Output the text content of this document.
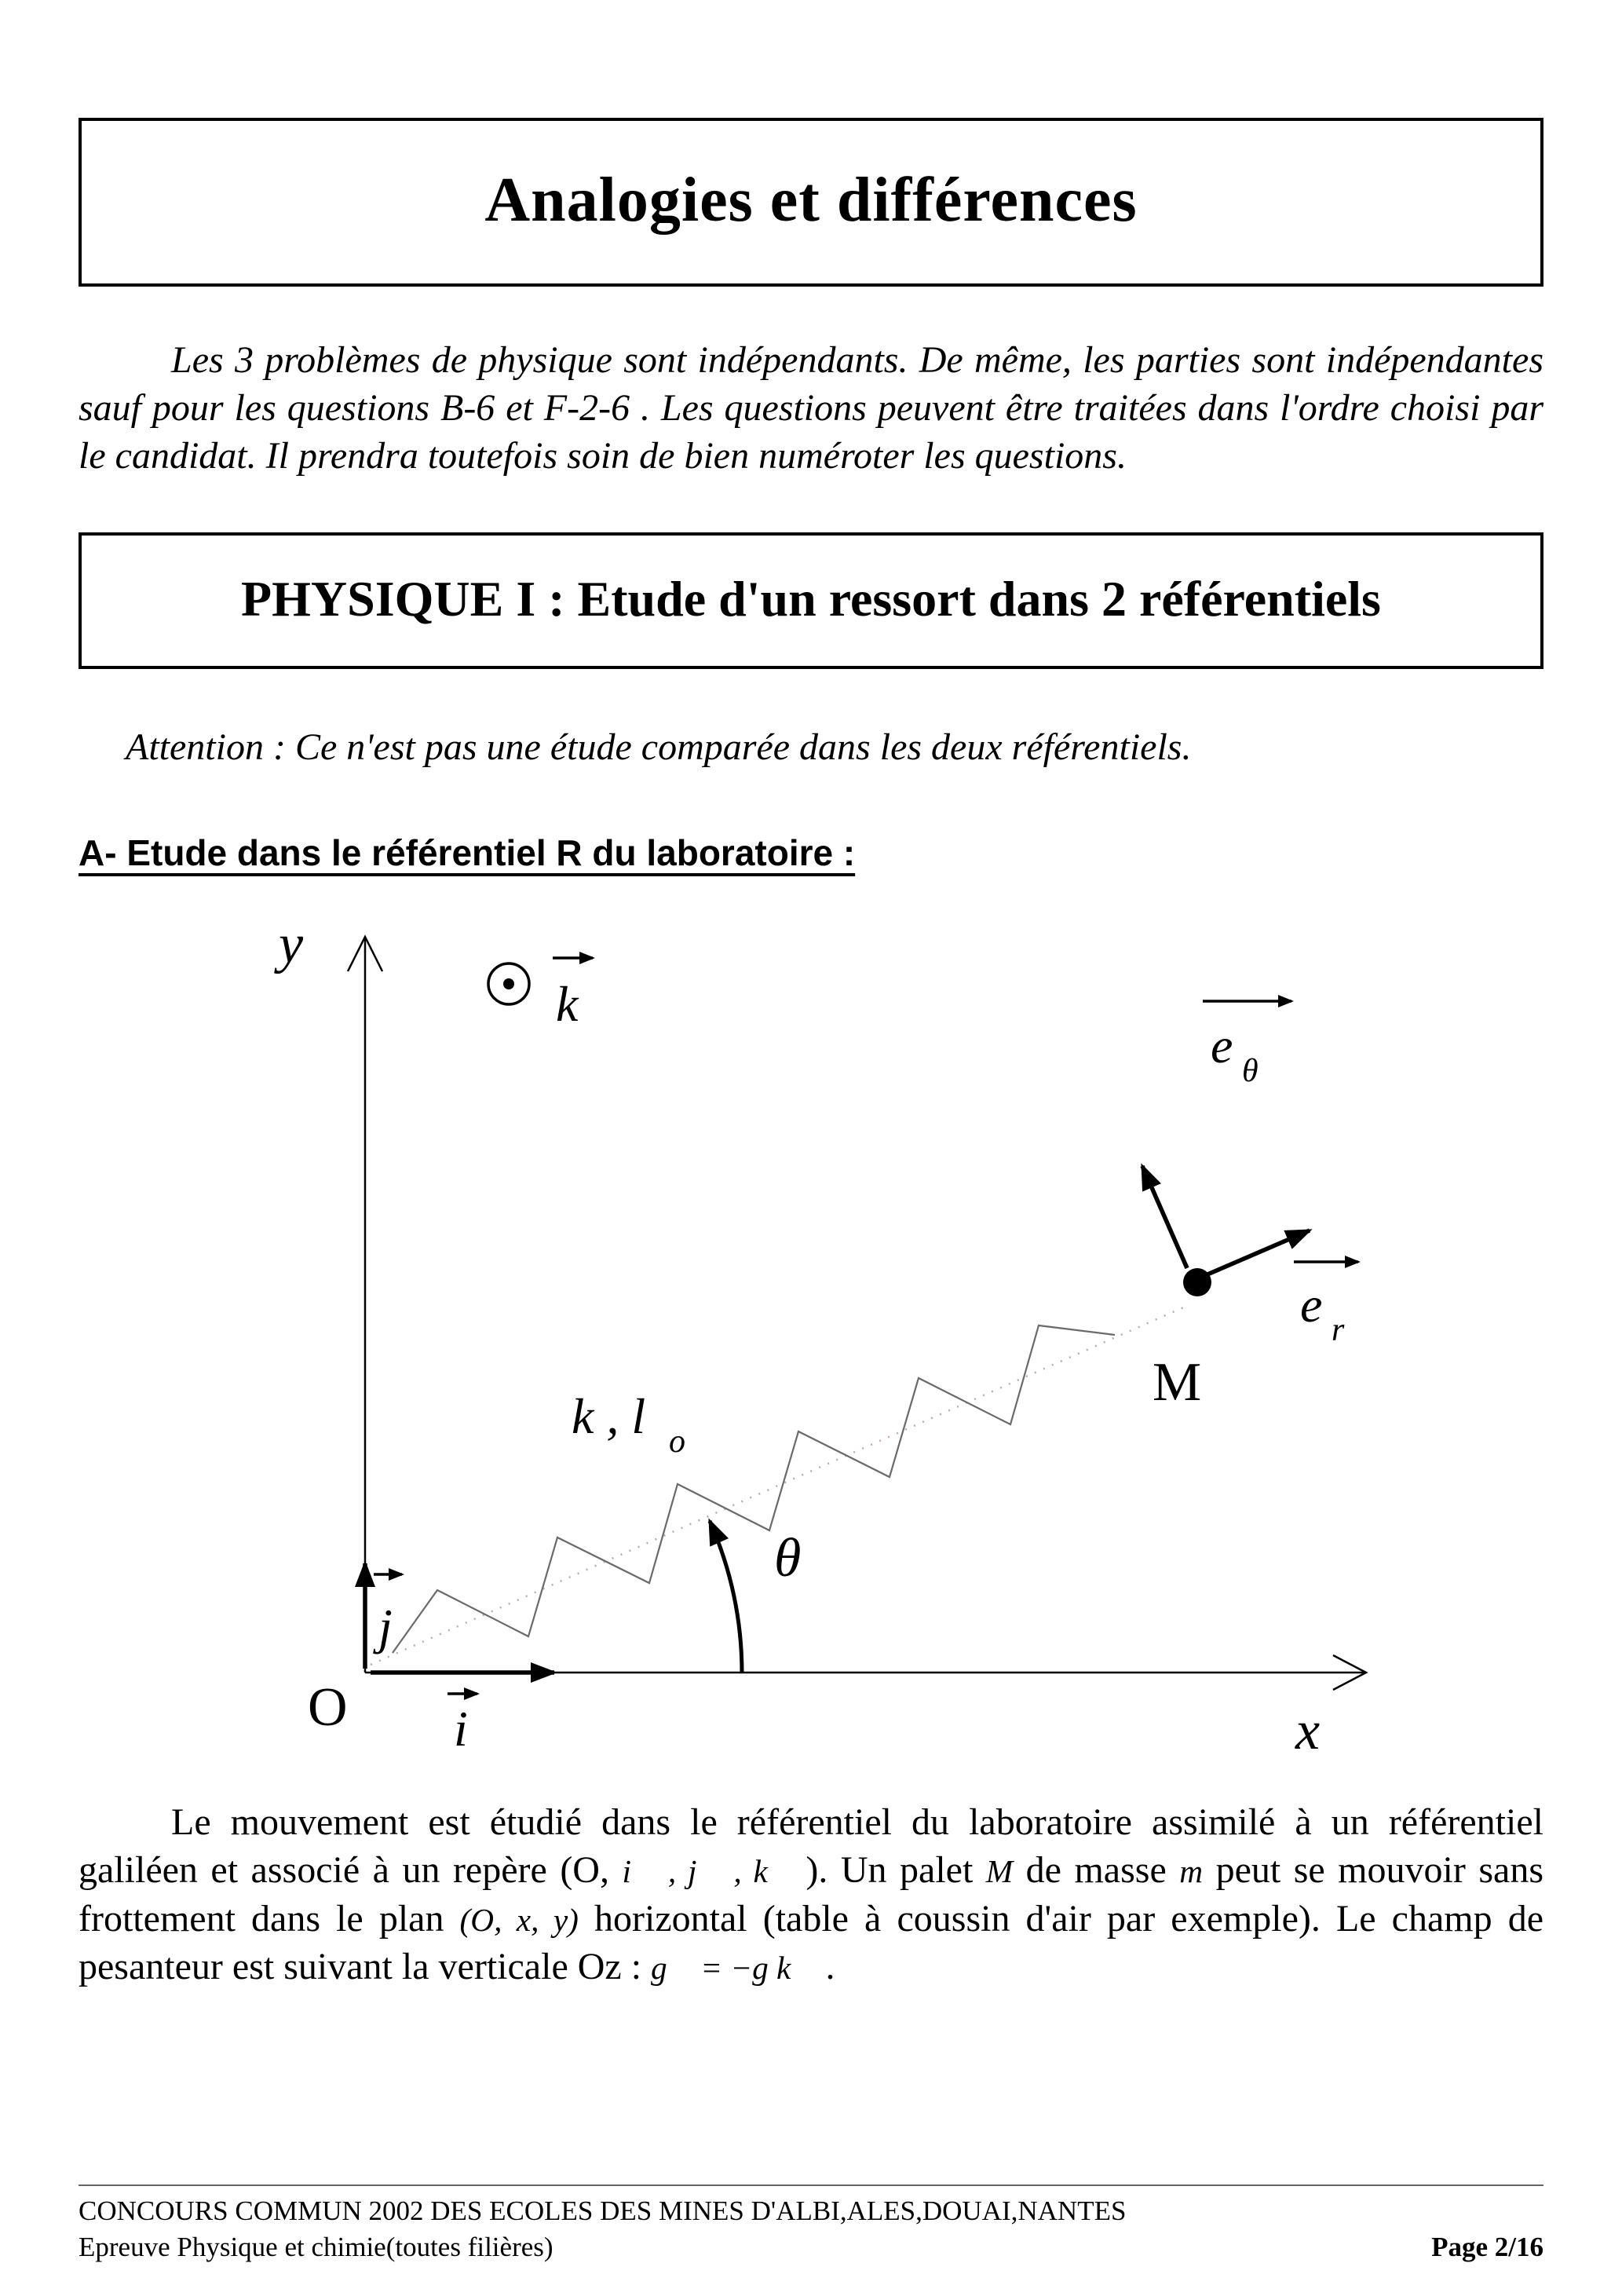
Analogies et différences

Les 3 problèmes de physique sont indépendants. De même, les parties sont indépendantes sauf pour les questions B-6 et F-2-6 . Les questions peuvent être traitées dans l'ordre choisi par le candidat. Il prendra toutefois soin de bien numéroter les questions.

PHYSIQUE I : Etude d'un ressort dans 2 référentiels

Attention : Ce n'est pas une étude comparée dans les deux référentiels.

A- Etude dans le référentiel R du laboratoire :
y
x
O
k
i
j
k , l o
M
e r
e θ
θ

Le mouvement est étudié dans le référentiel du laboratoire assimilé à un référentiel galiléen et associé à un repère (O, i⃗ , j⃗ , k⃗ ). Un palet M de masse m peut se mouvoir sans frottement dans le plan (O, x, y) horizontal (table à coussin d'air par exemple). Le champ de pesanteur est suivant la verticale Oz : g⃗ = −g k⃗ .

CONCOURS COMMUN 2002 DES ECOLES DES MINES D'ALBI,ALES,DOUAI,NANTES
Epreuve Physique et chimie(toutes filières)	Page 2/16
